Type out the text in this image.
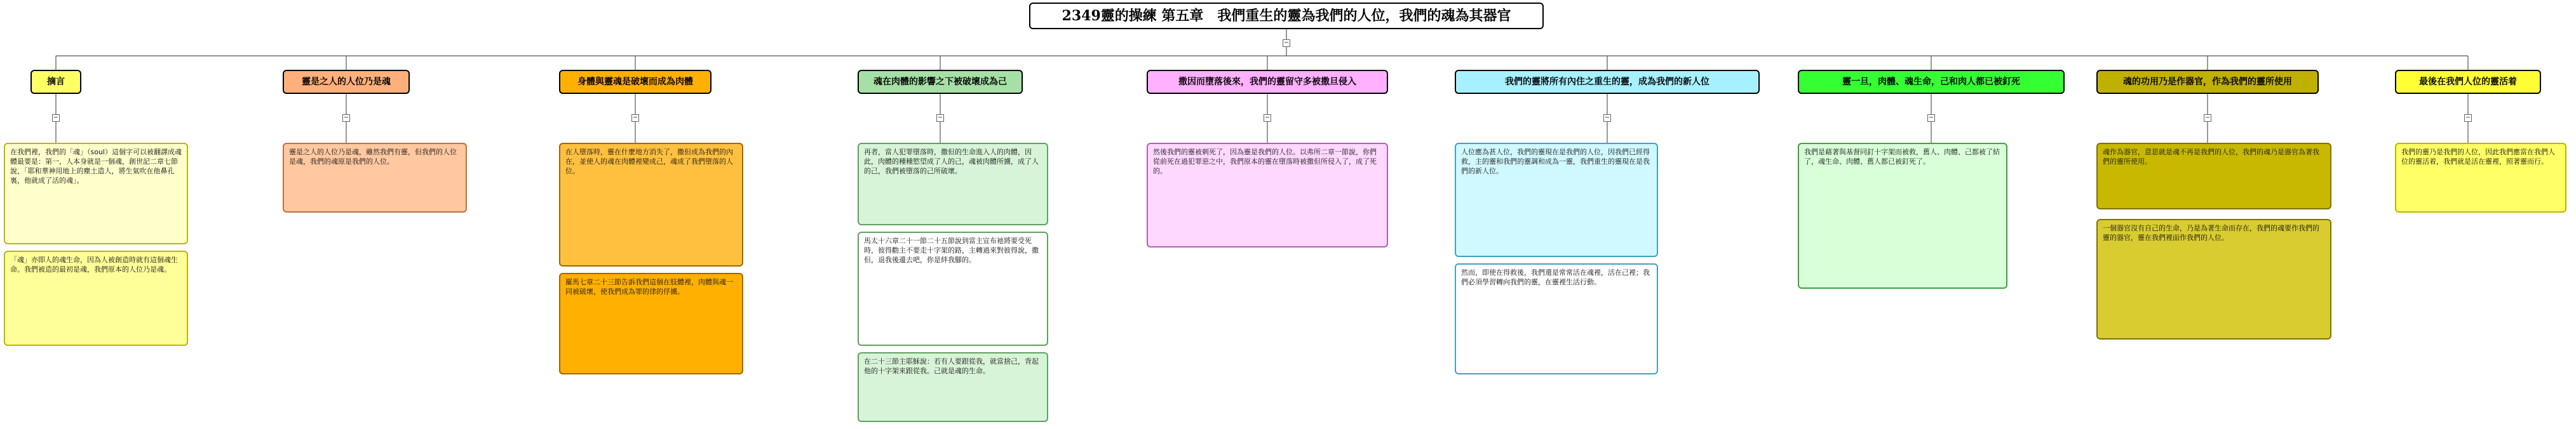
−
2349靈的操練 第五章　我們重生的靈為我們的人位，我們的魂為其器官
摘言
−
靈是之人的人位乃是魂
−
身體與靈魂是破壞而成為肉體
−
魂在肉體的影響之下被破壞成為己
−
撒因而墮落後來，我們的靈留守多被撒旦侵入
−
我們的靈將所有內住之重生的靈，成為我們的新人位
−
靈一旦，肉體、魂生命，己和肉人都已被釘死
−
魂的功用乃是作器官，作為我們的靈所使用
−
最後在我們人位的靈活着
−
在我們裡，我們的「魂」（soul）這個字可以被翻譯成魂體最要是：第一，人本身就是一個魂，創世記二章七節說，「耶和華神用地上的塵土造人，將生氣吹在他鼻孔裏，他就成了活的魂」。
「魂」亦即人的魂生命，因為人被創造時就有這個魂生命。我們被造的最初是魂，我們原本的人位乃是魂。
靈是之人的人位乃是魂，雖然我們有靈，但我們的人位是魂，我們的魂原是我們的人位。
在人墮落時，靈在什麼地方消失了，撒但成為我們的內在，並使人的魂在肉體裡變成己，魂成了我們墮落的人位。
羅馬七章二十三節告訴我們這個在肢體裡，肉體與魂一同被破壞，使我們成為罪的律的俘擄。
再者，當人犯罪墮落時，撒但的生命進入人的肉體，因此，肉體的種種慾望成了人的己，魂被肉體所擄，成了人的己，我們被墮落的己所破壞。
馬太十六章二十一節二十五節說到當主宣布祂將要受死時，彼得勸主不要走十字架的路，主轉過來對彼得說，撒但，退我後邊去吧，你是絆我腳的。
在二十三節主耶穌說：若有人要跟從我，就當捨己，背起他的十字架來跟從我。己就是魂的生命。
然後我們的靈被刺死了，因為靈是我們的人位。以弗所二章一節說，你們從前死在過犯罪惡之中，我們原本的靈在墮落時被撒但所侵入了，成了死的。
人位應為甚人位，我們的靈現在是我們的人位，因我們已經得救，主的靈和我們的靈調和成為一靈，我們重生的靈現在是我們的新人位。
然而，即使在得救後，我們還是常常活在魂裡，活在己裡；我們必須學習轉向我們的靈，在靈裡生活行動。
我們是藉著與基督同釘十字架而被救，舊人、肉體、己都被了結了，魂生命、肉體、舊人都已被釘死了。
魂作為器官，意思就是魂不再是我們的人位，我們的魂乃是器官為著我們的靈所使用。
一個器官沒有自己的生命，乃是為著生命而存在，我們的魂要作我們的靈的器官，靈在我們裡面作我們的人位。
我們的靈乃是我們的人位，因此我們應當在我們人位的靈活着，我們就是活在靈裡，照著靈而行。
